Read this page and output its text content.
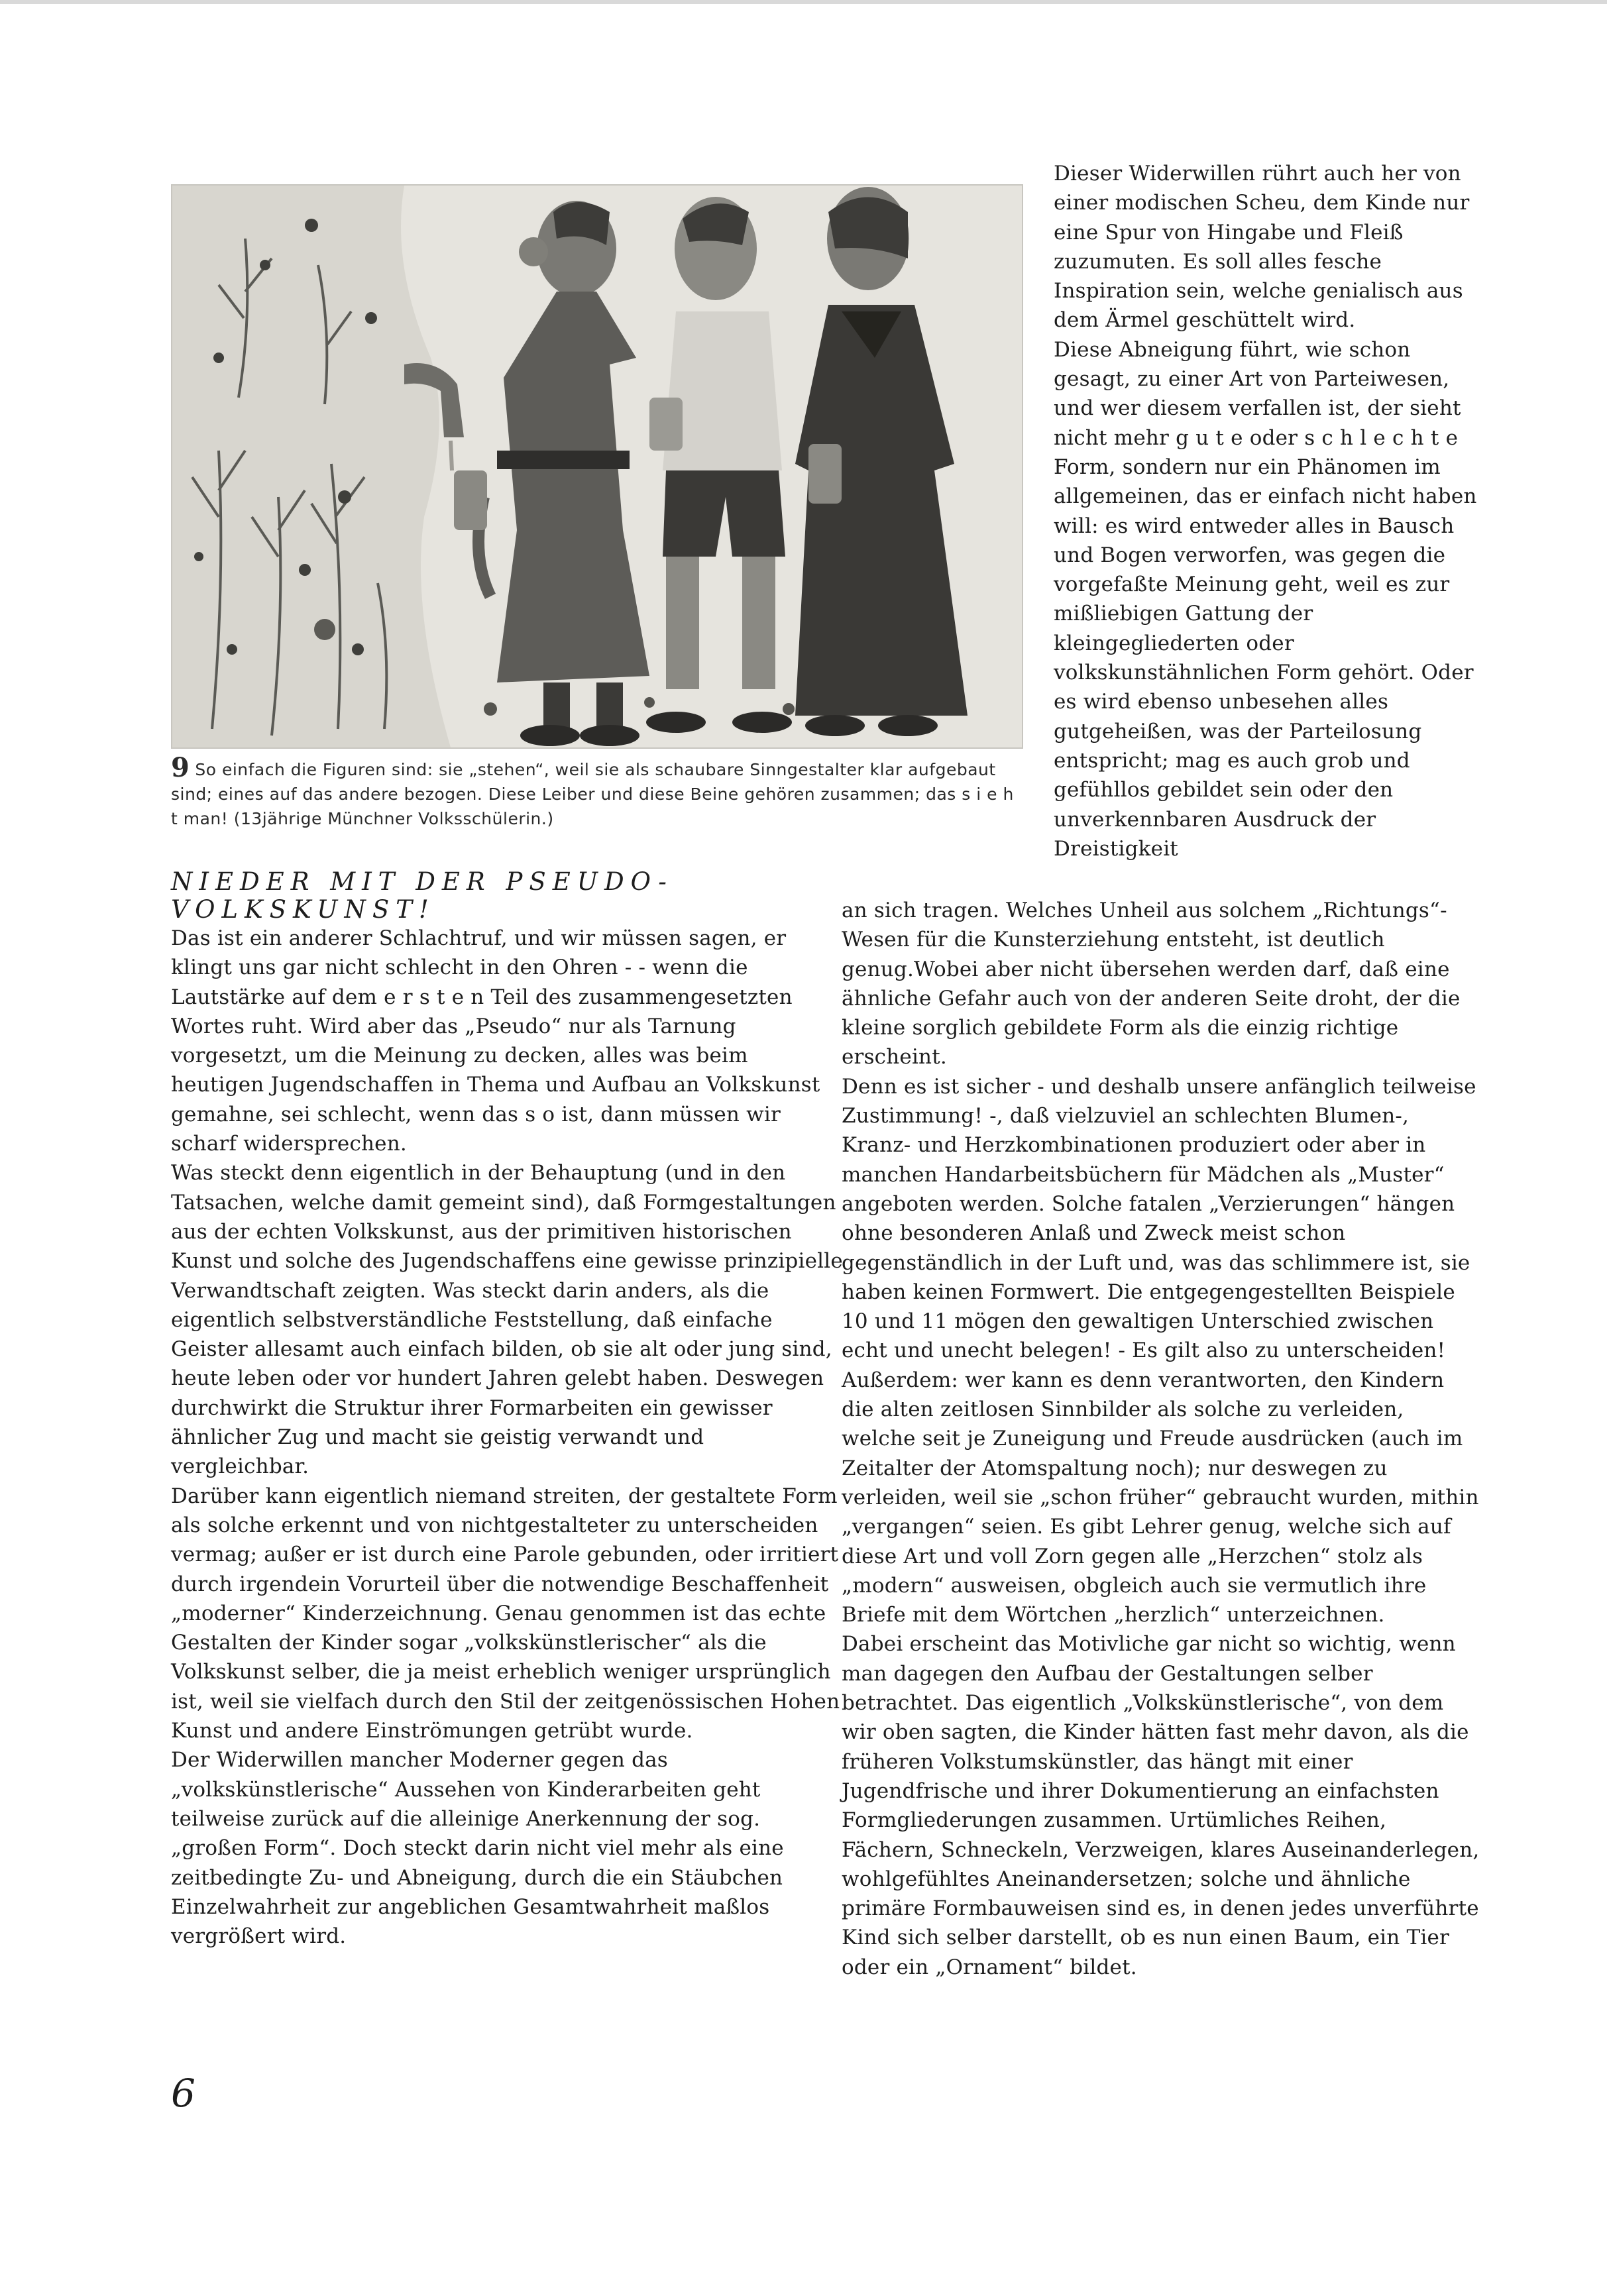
9 So einfach die Figuren sind: sie „stehen“, weil sie als schaubare Sinngestalter klar aufgebaut sind; eines auf das andere bezogen. Diese Leiber und diese Beine gehören zusammen; das s i e h t man! (13jährige Münchner Volksschülerin.)

Dieser Widerwillen rührt auch her von einer modischen Scheu, dem Kinde nur eine Spur von Hingabe und Fleiß zuzumuten. Es soll alles fesche Inspiration sein, welche genialisch aus dem Ärmel geschüttelt wird.

Diese Abneigung führt, wie schon gesagt, zu einer Art von Parteiwesen, und wer diesem verfallen ist, der sieht nicht mehr g u t e oder s c h l e c h t e Form, sondern nur ein Phänomen im allgemeinen, das er einfach nicht haben will: es wird entweder alles in Bausch und Bogen verworfen, was gegen die vorgefaßte Meinung geht, weil es zur mißliebigen Gattung der kleingegliederten oder volkskunstähnlichen Form gehört. Oder es wird ebenso unbesehen alles gutgeheißen, was der Parteilosung entspricht; mag es auch grob und gefühllos gebildet sein oder den unverkennbaren Ausdruck der Dreistigkeit

NIEDER MIT DER PSEUDO-VOLKSKUNST!

Das ist ein anderer Schlachtruf, und wir müssen sagen, er klingt uns gar nicht schlecht in den Ohren - - wenn die Lautstärke auf dem e r s t e n Teil des zusammengesetzten Wortes ruht. Wird aber das „Pseudo“ nur als Tarnung vorgesetzt, um die Meinung zu decken, alles was beim heutigen Jugendschaffen in Thema und Aufbau an Volkskunst gemahne, sei schlecht, wenn das s o ist, dann müssen wir scharf widersprechen.

Was steckt denn eigentlich in der Behauptung (und in den Tatsachen, welche damit gemeint sind), daß Formgestaltungen aus der echten Volkskunst, aus der primitiven historischen Kunst und solche des Jugendschaffens eine gewisse prinzipielle Verwandtschaft zeigten. Was steckt darin anders, als die eigentlich selbstverständliche Feststellung, daß einfache Geister allesamt auch einfach bilden, ob sie alt oder jung sind, heute leben oder vor hundert Jahren gelebt haben. Deswegen durchwirkt die Struktur ihrer Formarbeiten ein gewisser ähnlicher Zug und macht sie geistig verwandt und vergleichbar.

Darüber kann eigentlich niemand streiten, der gestaltete Form als solche erkennt und von nichtgestalteter zu unterscheiden vermag; außer er ist durch eine Parole gebunden, oder irritiert durch irgendein Vorurteil über die notwendige Beschaffenheit „moderner“ Kinderzeichnung. Genau genommen ist das echte Gestalten der Kinder sogar „volkskünstlerischer“ als die Volkskunst selber, die ja meist erheblich weniger ursprünglich ist, weil sie vielfach durch den Stil der zeitgenössischen Hohen Kunst und andere Einströmungen getrübt wurde.

Der Widerwillen mancher Moderner gegen das „volkskünstlerische“ Aussehen von Kinderarbeiten geht teilweise zurück auf die alleinige Anerkennung der sog. „großen Form“. Doch steckt darin nicht viel mehr als eine zeitbedingte Zu- und Abneigung, durch die ein Stäubchen Einzelwahrheit zur angeblichen Gesamtwahrheit maßlos vergrößert wird.

an sich tragen. Welches Unheil aus solchem „Richtungs“-Wesen für die Kunsterziehung entsteht, ist deutlich genug.Wobei aber nicht übersehen werden darf, daß eine ähnliche Gefahr auch von der anderen Seite droht, der die kleine sorglich gebildete Form als die einzig richtige erscheint.

Denn es ist sicher - und deshalb unsere anfänglich teilweise Zustimmung! -, daß vielzuviel an schlechten Blumen-, Kranz- und Herzkombinationen produziert oder aber in manchen Handarbeitsbüchern für Mädchen als „Muster“ angeboten werden. Solche fatalen „Verzierungen“ hängen ohne besonderen Anlaß und Zweck meist schon gegenständlich in der Luft und, was das schlimmere ist, sie haben keinen Formwert. Die entgegengestellten Beispiele 10 und 11 mögen den gewaltigen Unterschied zwischen echt und unecht belegen! - Es gilt also zu unterscheiden!

Außerdem: wer kann es denn verantworten, den Kindern die alten zeitlosen Sinnbilder als solche zu verleiden, welche seit je Zuneigung und Freude ausdrücken (auch im Zeitalter der Atomspaltung noch); nur deswegen zu verleiden, weil sie „schon früher“ gebraucht wurden, mithin „vergangen“ seien. Es gibt Lehrer genug, welche sich auf diese Art und voll Zorn gegen alle „Herzchen“ stolz als „modern“ ausweisen, obgleich auch sie vermutlich ihre Briefe mit dem Wörtchen „herzlich“ unterzeichnen.

Dabei erscheint das Motivliche gar nicht so wichtig, wenn man dagegen den Aufbau der Gestaltungen selber betrachtet. Das eigentlich „Volkskünstlerische“, von dem wir oben sagten, die Kinder hätten fast mehr davon, als die früheren Volkstumskünstler, das hängt mit einer Jugendfrische und ihrer Dokumentierung an einfachsten Formgliederungen zusammen. Urtümliches Reihen, Fächern, Schneckeln, Verzweigen, klares Auseinanderlegen, wohlgefühltes Aneinandersetzen; solche und ähnliche primäre Formbauweisen sind es, in denen jedes unverführte Kind sich selber darstellt, ob es nun einen Baum, ein Tier oder ein „Ornament“ bildet.

6
